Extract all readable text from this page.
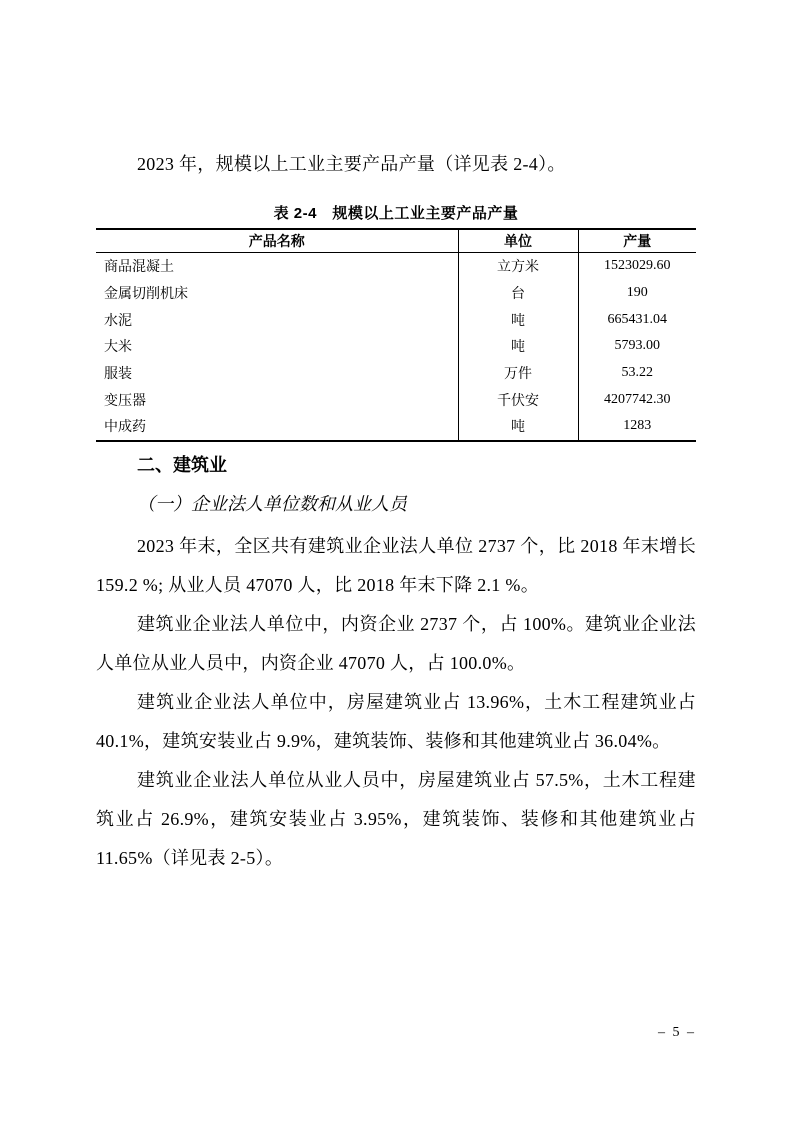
2023 年，规模以上工业主要产品产量（详见表 2-4）。

表 2-4　规模以上工业主要产品产量
产品名称	单位	产量
商品混凝土	立方米	1523029.60
金属切削机床	台	190
水泥	吨	665431.04
大米	吨	5793.00
服装	万件	53.22
变压器	千伏安	4207742.30
中成药	吨	1283
二、建筑业
（一）企业法人单位数和从业人员

2023 年末，全区共有建筑业企业法人单位 2737 个，比 2018 年末增长 159.2 %; 从业人员 47070 人，比 2018 年末下降 2.1 %。

建筑业企业法人单位中，内资企业 2737 个，占 100%。建筑业企业法人单位从业人员中，内资企业 47070 人，占 100.0%。

建筑业企业法人单位中，房屋建筑业占 13.96%，土木工程建筑业占 40.1%，建筑安装业占 9.9%，建筑装饰、装修和其他建筑业占 36.04%。

建筑业企业法人单位从业人员中，房屋建筑业占 57.5%，土木工程建筑业占 26.9%，建筑安装业占 3.95%，建筑装饰、装修和其他建筑业占 11.65%（详见表 2-5）。

– 5 –
